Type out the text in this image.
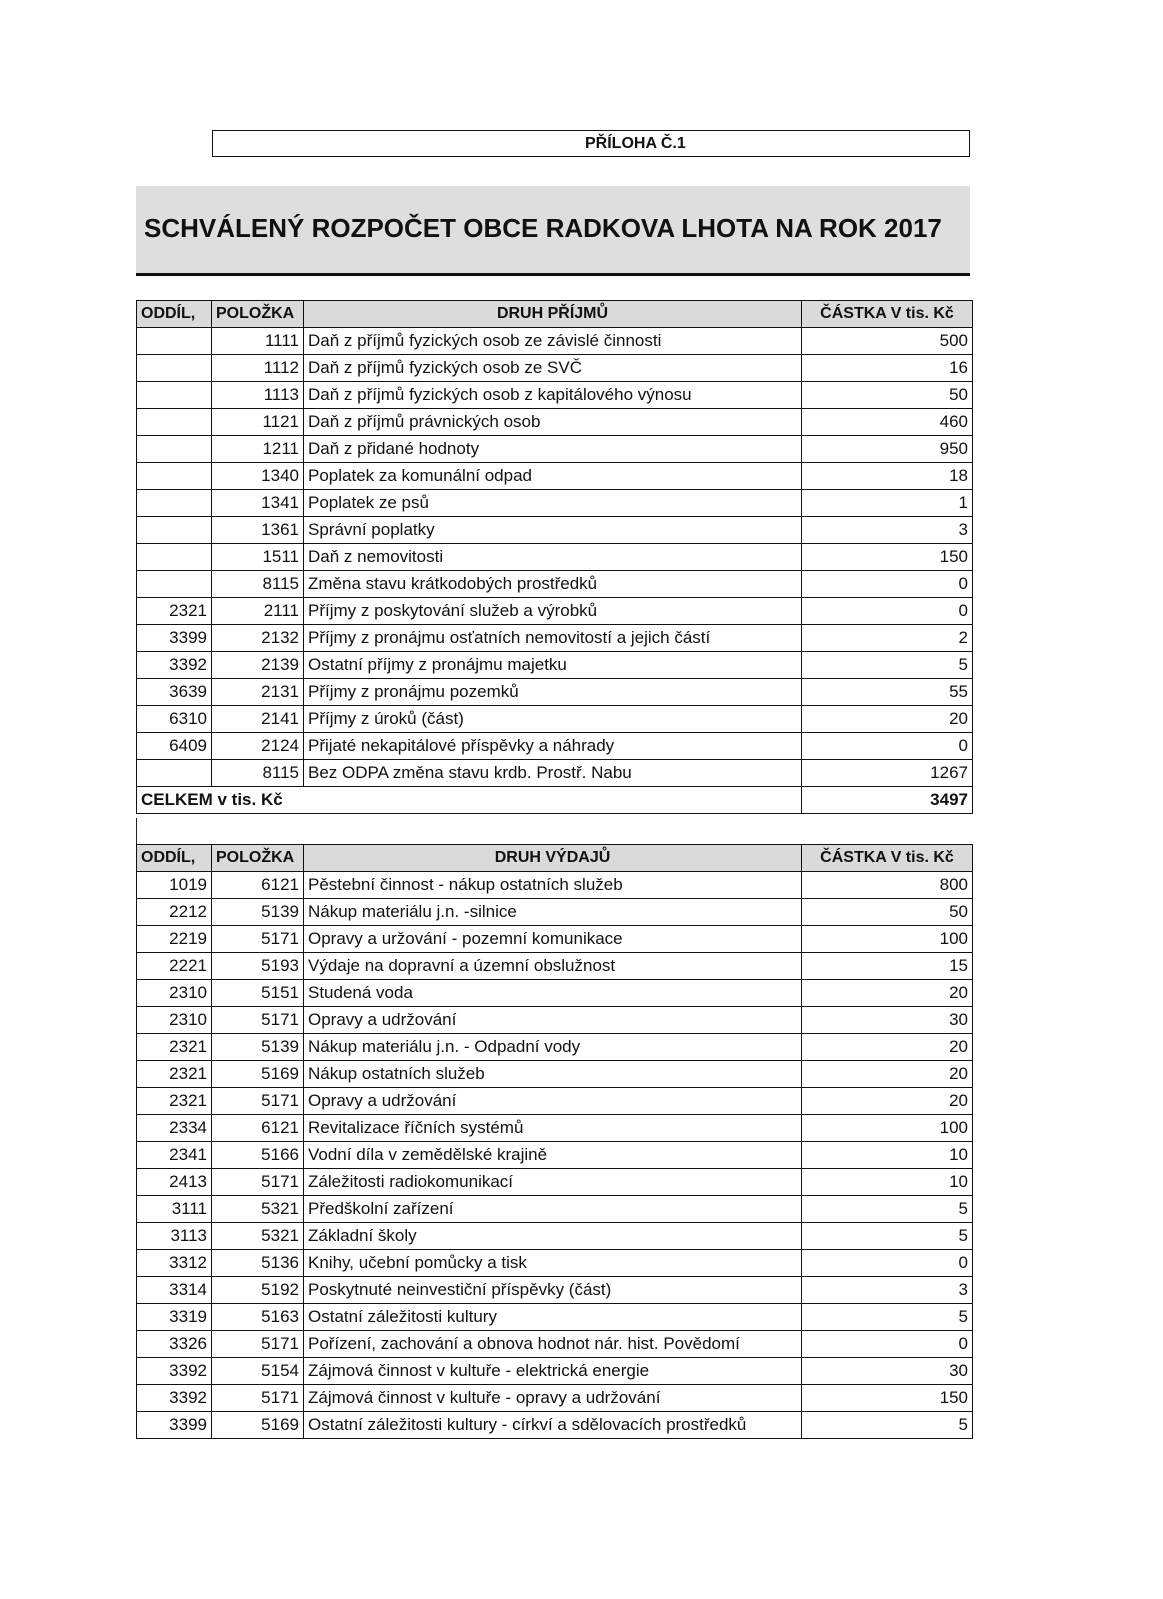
PŘÍLOHA Č.1
SCHVÁLENÝ ROZPOČET OBCE RADKOVA LHOTA NA ROK 2017
ODDÍL,	POLOŽKA	DRUH PŘÍJMŮ	ČÁSTKA V tis. Kč
	1111	Daň z příjmů fyzických osob ze závislé činnosti	500
	1112	Daň z příjmů fyzických osob ze SVČ	16
	1113	Daň z příjmů fyzických osob z kapitálového výnosu	50
	1121	Daň z příjmů právnických osob	460
	1211	Daň z přidané hodnoty	950
	1340	Poplatek za komunální odpad	18
	1341	Poplatek ze psů	1
	1361	Správní poplatky	3
	1511	Daň z nemovitosti	150
	8115	Změna stavu krátkodobých prostředků	0
2321	2111	Příjmy z poskytování služeb a výrobků	0
3399	2132	Příjmy z pronájmu osťatních nemovitostí a jejich částí	2
3392	2139	Ostatní příjmy z pronájmu majetku	5
3639	2131	Příjmy z pronájmu pozemků	55
6310	2141	Příjmy z úroků (část)	20
6409	2124	Přijaté nekapitálové příspěvky a náhrady	0
	8115	Bez ODPA změna stavu krdb. Prostř. Nabu	1267
CELKEM v tis. Kč			3497
ODDÍL,	POLOŽKA	DRUH VÝDAJŮ	ČÁSTKA V tis. Kč
1019	6121	Pěstební činnost - nákup ostatních služeb	800
2212	5139	Nákup materiálu j.n. -silnice	50
2219	5171	Opravy a uržování - pozemní komunikace	100
2221	5193	Výdaje na dopravní a územní obslužnost	15
2310	5151	Studená voda	20
2310	5171	Opravy a udržování	30
2321	5139	Nákup materiálu j.n. - Odpadní vody	20
2321	5169	Nákup ostatních služeb	20
2321	5171	Opravy a udržování	20
2334	6121	Revitalizace říčních systémů	100
2341	5166	Vodní díla v zemědělské krajině	10
2413	5171	Záležitosti radiokomunikací	10
3111	5321	Předškolní zařízení	5
3113	5321	Základní školy	5
3312	5136	Knihy, učební pomůcky a tisk	0
3314	5192	Poskytnuté neinvestiční příspěvky (část)	3
3319	5163	Ostatní záležitosti kultury	5
3326	5171	Pořízení, zachování a obnova hodnot nár. hist. Povědomí	0
3392	5154	Zájmová činnost v kultuře - elektrická energie	30
3392	5171	Zájmová činnost v kultuře - opravy a udržování	150
3399	5169	Ostatní záležitosti kultury - církví a sdělovacích prostředků	5
